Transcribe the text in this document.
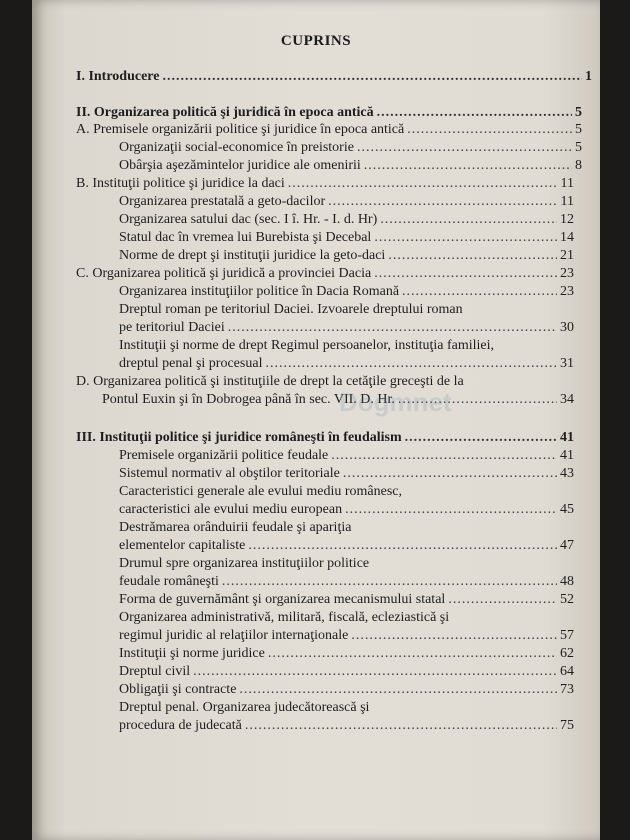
CUPRINS
I. Introducere .....	1
II. Organizarea politică şi juridică în epoca antică .....	5
A. Premisele organizării politice şi juridice în epoca antică .....	5
Organizaţii social-economice în preistorie .....	5
Obârşia aşezămintelor juridice ale omenirii .....	8
B. Instituţii politice şi juridice la daci .....	11
Organizarea prestatală a geto-dacilor .....	11
Organizarea satului dac (sec. I î. Hr. - I. d. Hr) .....	12
Statul dac în vremea lui Burebista şi Decebal .....	14
Norme de drept şi instituţii juridice la geto-daci .....	21
C. Organizarea politică şi juridică a provinciei Dacia .....	23
Organizarea instituţiilor politice în Dacia Romană .....	23
Dreptul roman pe teritoriul Daciei. Izvoarele dreptului roman
pe teritoriul Daciei .....	30
Instituţii şi norme de drept Regimul persoanelor, instituţia familiei,
dreptul penal şi procesual .....	31
D. Organizarea politică şi instituţiile de drept la cetăţile greceşti de la
Pontul Euxin şi în Dobrogea până în sec. VII. D. Hr. .....	34
Dogmnet
III. Instituţii politice şi juridice româneşti în feudalism .....	41
Premisele organizării politice feudale .....	41
Sistemul normativ al obştilor teritoriale .....	43
Caracteristici generale ale evului mediu românesc,
caracteristici ale evului mediu european .....	45
Destrămarea orânduirii feudale şi apariţia
elementelor capitaliste .....	47
Drumul spre organizarea instituţiilor politice
feudale româneşti .....	48
Forma de guvernământ şi organizarea mecanismului statal .....	52
Organizarea administrativă, militară, fiscală, ecleziastică şi
regimul juridic al relaţiilor internaţionale .....	57
Instituţii şi norme juridice .....	62
Dreptul civil .....	64
Obligaţii şi contracte .....	73
Dreptul penal. Organizarea judecătorească şi
procedura de judecată .....	75
